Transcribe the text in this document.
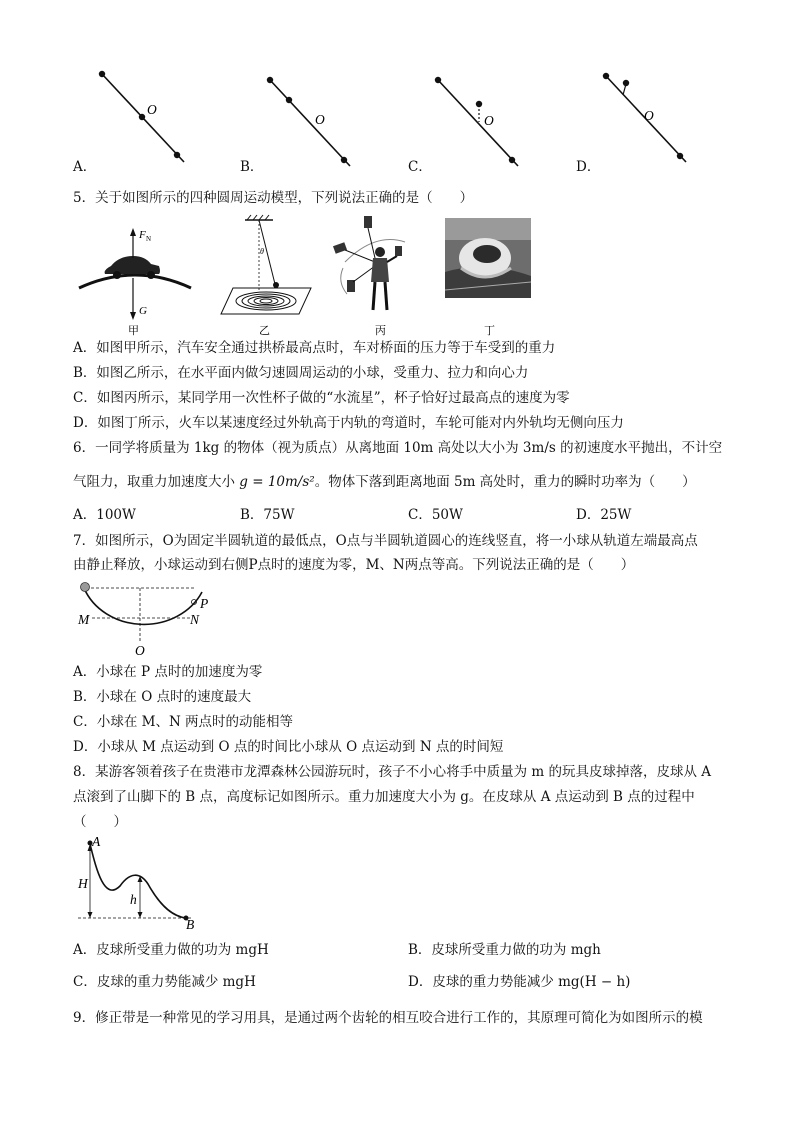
O
O	O	O
A．	B．	C．	D．
5．关于如图所示的四种圆周运动模型，下列说法正确的是（　　）
F N
G
甲
θ
乙	丙	丁
A．如图甲所示，汽车安全通过拱桥最高点时，车对桥面的压力等于车受到的重力
B．如图乙所示，在水平面内做匀速圆周运动的小球，受重力、拉力和向心力
C．如图丙所示，某同学用一次性杯子做的“水流星”，杯子恰好过最高点的速度为零
D．如图丁所示，火车以某速度经过外轨高于内轨的弯道时，车轮可能对内外轨均无侧向压力
6．一同学将质量为 1kg 的物体（视为质点）从离地面 10m 高处以大小为 3m/s 的初速度水平抛出，不计空
气阻力，取重力加速度大小 g = 10m/s²。物体下落到距离地面 5m 高处时，重力的瞬时功率为（　　）
A．100W	B．75W	C．50W	D．25W
7．如图所示，O为固定半圆轨道的最低点，O点与半圆轨道圆心的连线竖直，将一小球从轨道左端最高点
由静止释放，小球运动到右侧P点时的速度为零，M、N两点等高。下列说法正确的是（　　）
M	N
O
P
A．小球在 P 点时的加速度为零
B．小球在 O 点时的速度最大
C．小球在 M、N 两点时的动能相等
D．小球从 M 点运动到 O 点的时间比小球从 O 点运动到 N 点的时间短
8．某游客领着孩子在贵港市龙潭森林公园游玩时，孩子不小心将手中质量为 m 的玩具皮球掉落，皮球从 A
点滚到了山脚下的 B 点，高度标记如图所示。重力加速度大小为 g。在皮球从 A 点运动到 B 点的过程中
（　　）
A
H
h
B
A．皮球所受重力做的功为 mgH	B．皮球所受重力做的功为 mgh
C．皮球的重力势能减少 mgH	D．皮球的重力势能减少 mg(H − h)
9．修正带是一种常见的学习用具，是通过两个齿轮的相互咬合进行工作的，其原理可简化为如图所示的模
